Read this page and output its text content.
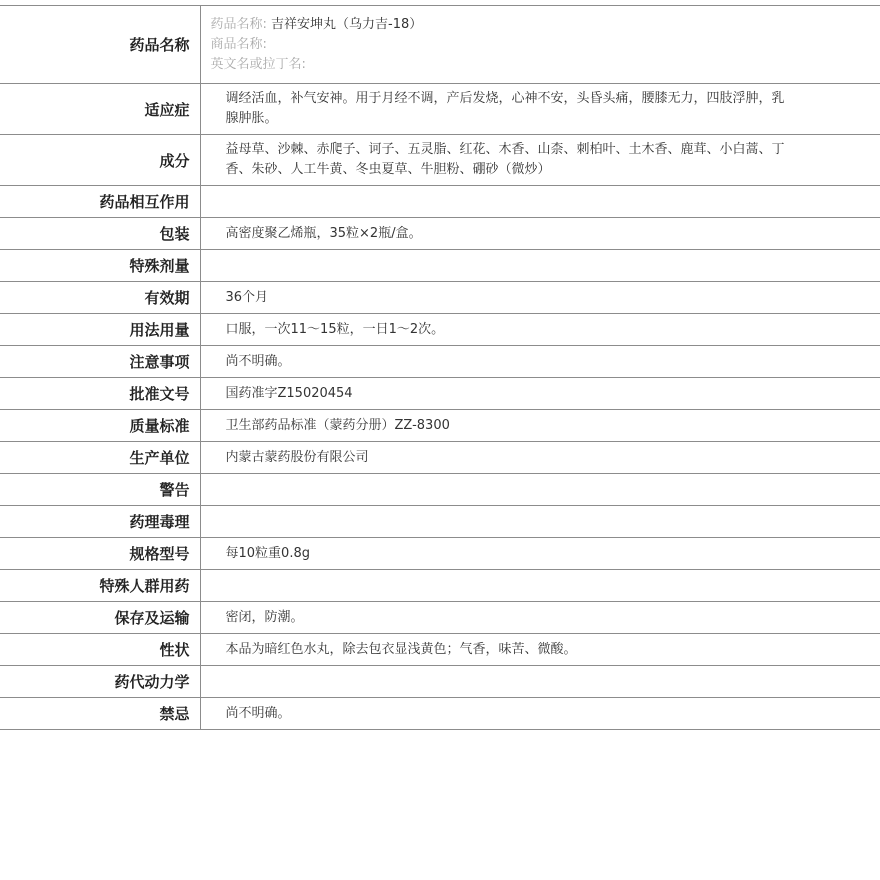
药品名称	药品名称: 吉祥安坤丸（乌力吉-18）
商品名称:
英文名或拉丁名:

适应症	调经活血，补气安神。用于月经不调，产后发烧，心神不安，头昏头痛，腰膝无力，四肢浮肿，乳腺肿胀。
成分	益母草、沙棘、赤爬子、诃子、五灵脂、红花、木香、山柰、刺柏叶、土木香、鹿茸、小白蒿、丁香、朱砂、人工牛黄、冬虫夏草、牛胆粉、硼砂（微炒）
药品相互作用	
包装	高密度聚乙烯瓶，35粒×2瓶/盒。
特殊剂量	
有效期	36个月
用法用量	口服，一次11～15粒，一日1～2次。
注意事项	尚不明确。
批准文号	国药准字Z15020454
质量标准	卫生部药品标准（蒙药分册）ZZ-8300
生产单位	内蒙古蒙药股份有限公司
警告	
药理毒理	
规格型号	每10粒重0.8g
特殊人群用药	
保存及运输	密闭，防潮。
性状	本品为暗红色水丸，除去包衣显浅黄色；气香，味苦、微酸。
药代动力学	
禁忌	尚不明确。
